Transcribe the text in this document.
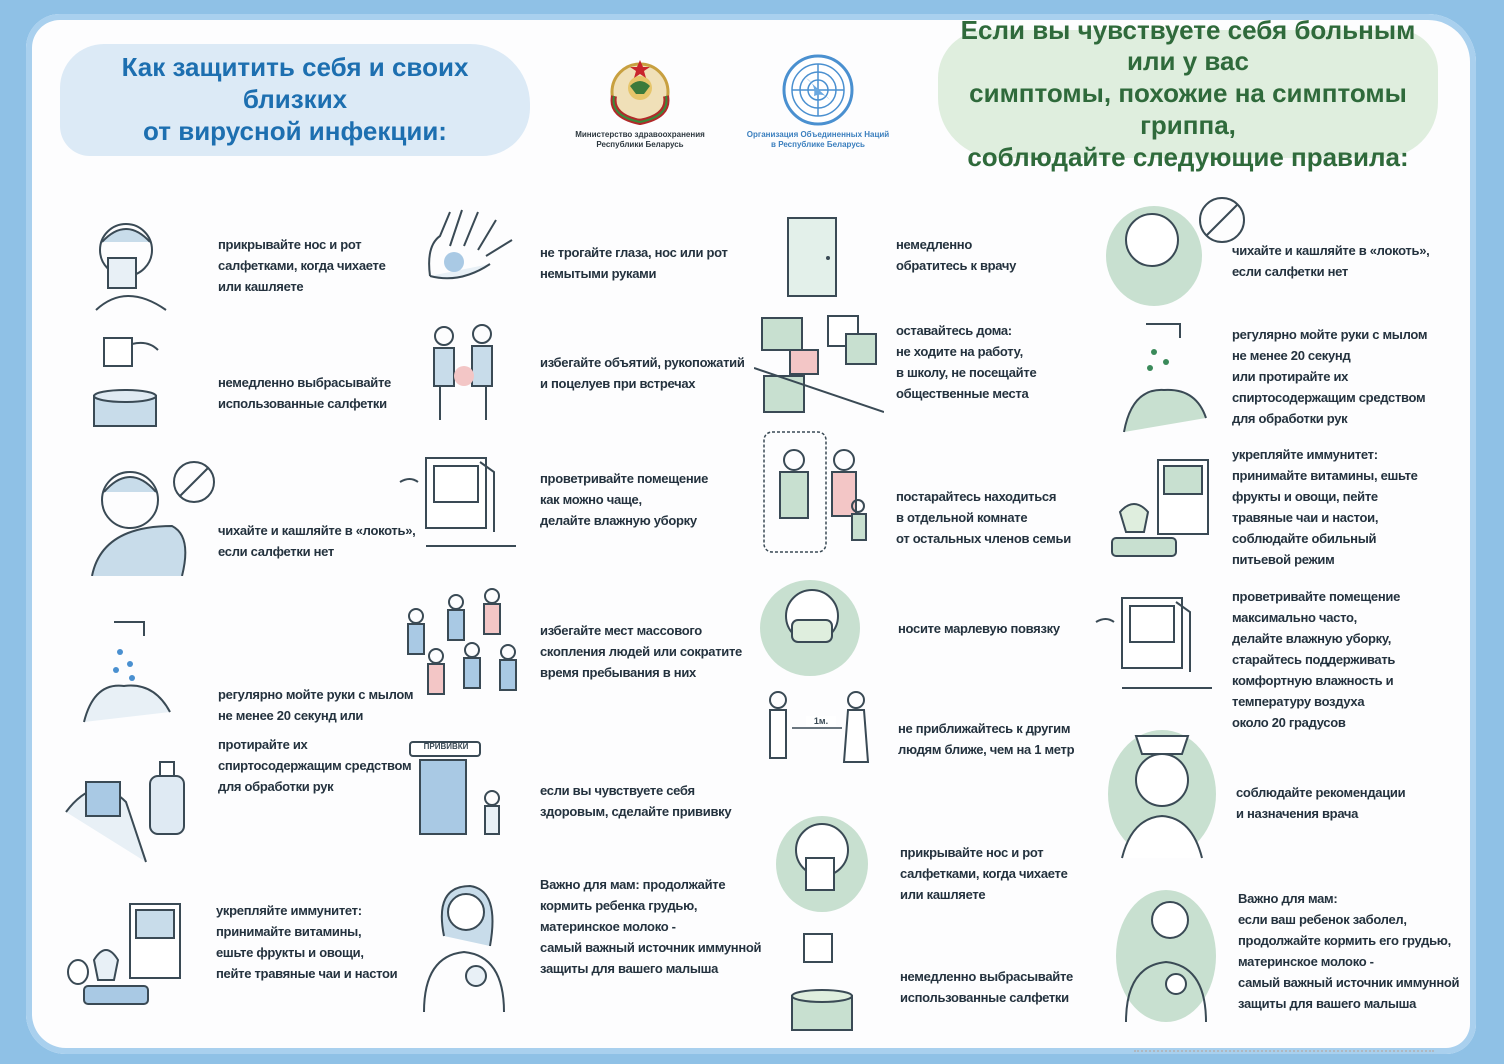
Как защитить себя и своих близких
от вирусной инфекции:
Если вы чувствуете себя больным или у вас
симптомы, похожие на симптомы гриппа,
соблюдайте следующие правила:
Министерство здравоохранения
Республики Беларусь
Организация Объединенных Наций
в Республике Беларусь
ПРИВИВКИ
1м.
прикрывайте нос и рот
салфетками, когда чихаете
или кашляете
немедленно выбрасывайте
использованные салфетки
чихайте и кашляйте в «локоть»,
если салфетки нет
регулярно мойте руки с мылом
не менее 20 секунд или
протирайте их
спиртосодержащим средством
для обработки рук
укрепляйте иммунитет:
принимайте витамины,
ешьте фрукты и овощи,
пейте травяные чаи и настои
не трогайте глаза, нос или рот
немытыми руками
избегайте объятий, рукопожатий
и поцелуев при встречах
проветривайте помещение
как можно чаще,
делайте влажную уборку
избегайте мест массового
скопления людей или сократите
время пребывания в них
если вы чувствуете себя
здоровым, сделайте прививку
Важно для мам: продолжайте
кормить ребенка грудью,
материнское молоко -
самый важный источник иммунной
защиты для вашего малыша
немедленно
обратитесь к врачу
оставайтесь дома:
не ходите на работу,
в школу, не посещайте
общественные места
постарайтесь находиться
в отдельной комнате
от остальных членов семьи
носите марлевую повязку
не приближайтесь к другим
людям ближе, чем на 1 метр
прикрывайте нос и рот
салфетками, когда чихаете
или кашляете
немедленно выбрасывайте
использованные салфетки
чихайте и кашляйте в «локоть»,
если салфетки нет
регулярно мойте руки с мылом
не менее 20 секунд
или протирайте их
спиртосодержащим средством
для обработки рук
укрепляйте иммунитет:
принимайте витамины, ешьте
фрукты и овощи, пейте
травяные чаи и настои,
соблюдайте обильный
питьевой режим
проветривайте помещение
максимально часто,
делайте влажную уборку,
старайтесь поддерживать
комфортную влажность и
температуру воздуха
около 20 градусов
соблюдайте рекомендации
и назначения врача
Важно для мам:
если ваш ребенок заболел,
продолжайте кормить его грудью,
материнское молоко -
самый важный источник иммунной
защиты для вашего малыша
